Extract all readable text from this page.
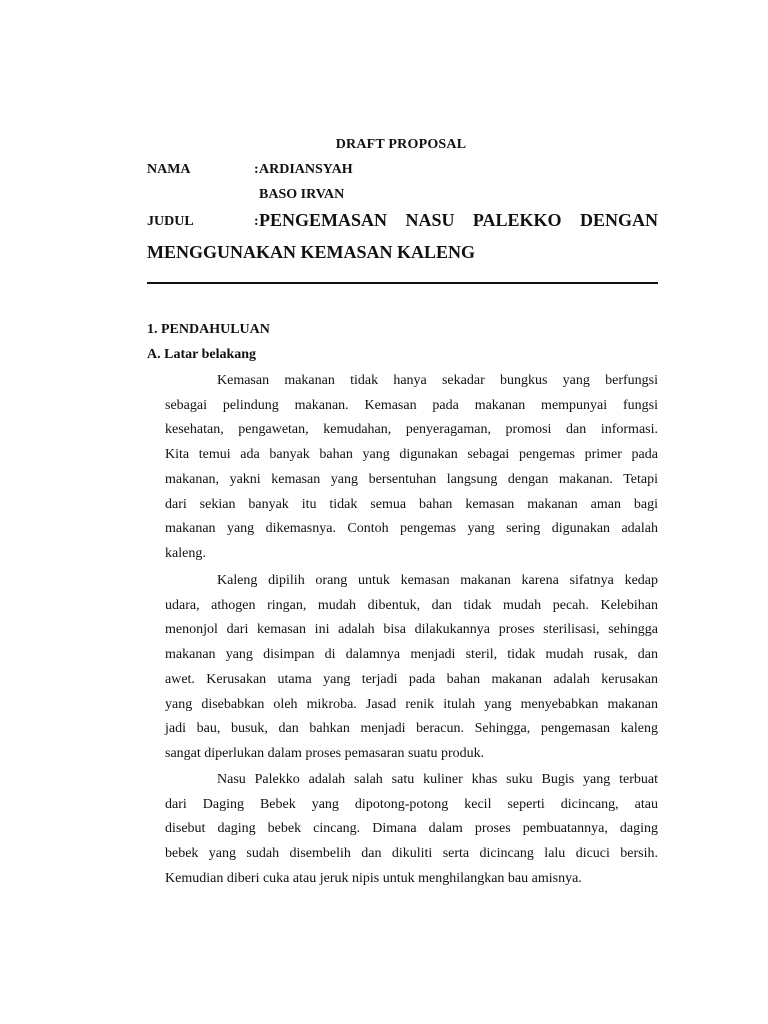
DRAFT PROPOSAL
NAMA	: ARDIANSYAH
BASO IRVAN
JUDUL	: PENGEMASAN NASU PALEKKO DENGAN
MENGGUNAKAN KEMASAN KALENG
1. PENDAHULUAN
A. Latar belakang
Kemasan makanan tidak hanya sekadar bungkus yang berfungsi
sebagai pelindung makanan. Kemasan pada makanan mempunyai fungsi
kesehatan, pengawetan, kemudahan, penyeragaman, promosi dan informasi.
Kita temui ada banyak bahan yang digunakan sebagai pengemas primer pada
makanan, yakni kemasan yang bersentuhan langsung dengan makanan. Tetapi
dari sekian banyak itu tidak semua bahan kemasan makanan aman bagi
makanan yang dikemasnya. Contoh pengemas yang sering digunakan adalah
kaleng.
Kaleng dipilih orang untuk kemasan makanan karena sifatnya kedap
udara, athogen ringan, mudah dibentuk, dan tidak mudah pecah. Kelebihan
menonjol dari kemasan ini adalah bisa dilakukannya proses sterilisasi, sehingga
makanan yang disimpan di dalamnya menjadi steril, tidak mudah rusak, dan
awet. Kerusakan utama yang terjadi pada bahan makanan adalah kerusakan
yang disebabkan oleh mikroba. Jasad renik itulah yang menyebabkan makanan
jadi bau, busuk, dan bahkan menjadi beracun. Sehingga, pengemasan kaleng
sangat diperlukan dalam proses pemasaran suatu produk.
Nasu Palekko adalah salah satu kuliner khas suku Bugis yang terbuat
dari Daging Bebek yang dipotong-potong kecil seperti dicincang, atau
disebut daging bebek cincang. Dimana dalam proses pembuatannya, daging
bebek yang sudah disembelih dan dikuliti serta dicincang lalu dicuci bersih.
Kemudian diberi cuka atau jeruk nipis untuk menghilangkan bau amisnya.
